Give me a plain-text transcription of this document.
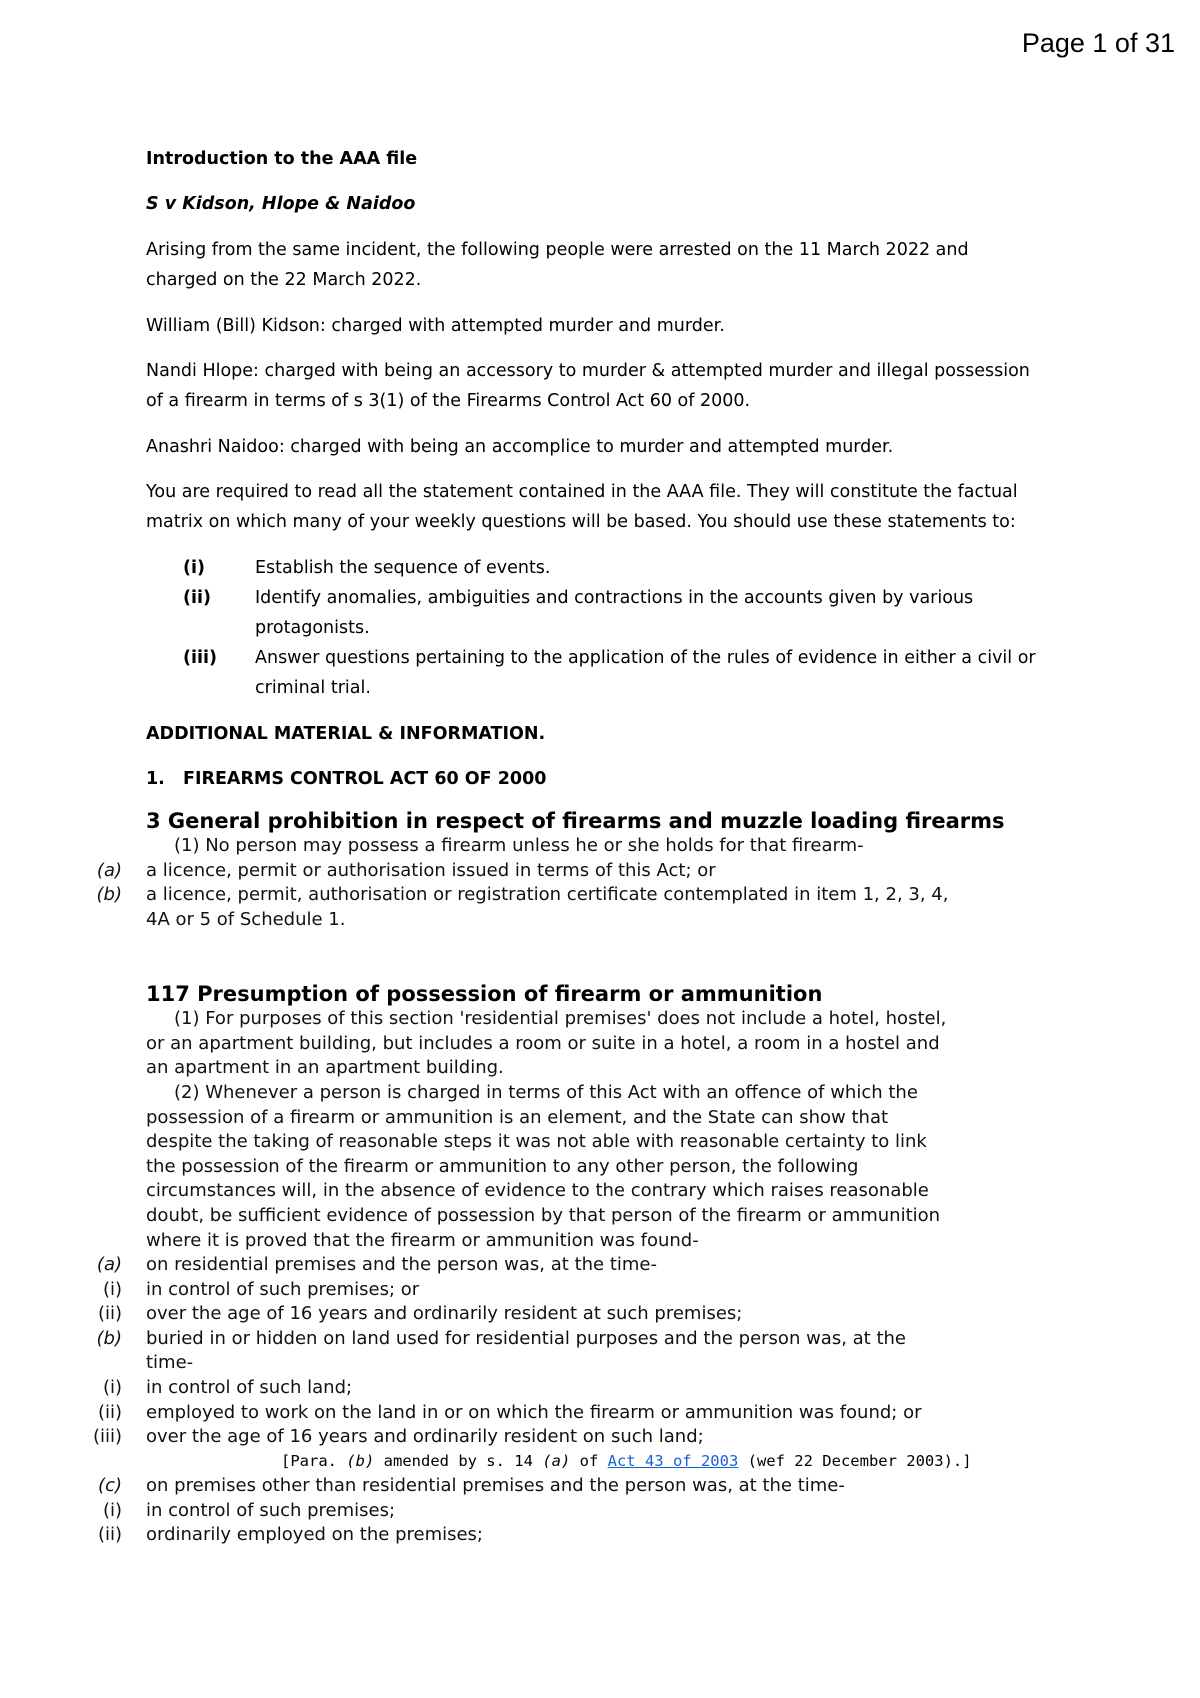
Page 1 of 31
Introduction to the AAA file
S v Kidson, Hlope & Naidoo
Arising from the same incident, the following people were arrested on the 11 March 2022 and
charged on the 22 March 2022.
William (Bill) Kidson: charged with attempted murder and murder.
Nandi Hlope: charged with being an accessory to murder & attempted murder and illegal possession
of a firearm in terms of s 3(1) of the Firearms Control Act 60 of 2000.
Anashri Naidoo: charged with being an accomplice to murder and attempted murder.
You are required to read all the statement contained in the AAA file. They will constitute the factual
matrix on which many of your weekly questions will be based. You should use these statements to:
(i)	Establish the sequence of events.
(ii)	Identify anomalies, ambiguities and contractions in the accounts given by various
protagonists.
(iii) Answer questions pertaining to the application of the rules of evidence in either a civil or
criminal trial.
ADDITIONAL MATERIAL & INFORMATION.
1. FIREARMS CONTROL ACT 60 OF 2000
3 General prohibition in respect of firearms and muzzle loading firearms
(1) No person may possess a firearm unless he or she holds for that firearm-
(a) a licence, permit or authorisation issued in terms of this Act; or
(b) a licence, permit, authorisation or registration certificate contemplated in item 1, 2, 3, 4,
4A or 5 of Schedule 1.
117 Presumption of possession of firearm or ammunition
(1) For purposes of this section 'residential premises' does not include a hotel, hostel,
or an apartment building, but includes a room or suite in a hotel, a room in a hostel and
an apartment in an apartment building.
(2) Whenever a person is charged in terms of this Act with an offence of which the
possession of a firearm or ammunition is an element, and the State can show that
despite the taking of reasonable steps it was not able with reasonable certainty to link
the possession of the firearm or ammunition to any other person, the following
circumstances will, in the absence of evidence to the contrary which raises reasonable
doubt, be sufficient evidence of possession by that person of the firearm or ammunition
where it is proved that the firearm or ammunition was found-
(a) on residential premises and the person was, at the time-
(i) in control of such premises; or
(ii) over the age of 16 years and ordinarily resident at such premises;
(b) buried in or hidden on land used for residential purposes and the person was, at the
time-
(i) in control of such land;
(ii) employed to work on the land in or on which the firearm or ammunition was found; or
(iii) over the age of 16 years and ordinarily resident on such land;
[Para. (b) amended by s. 14 (a) of Act 43 of 2003 (wef 22 December 2003).]
(c) on premises other than residential premises and the person was, at the time-
(i) in control of such premises;
(ii) ordinarily employed on the premises;
